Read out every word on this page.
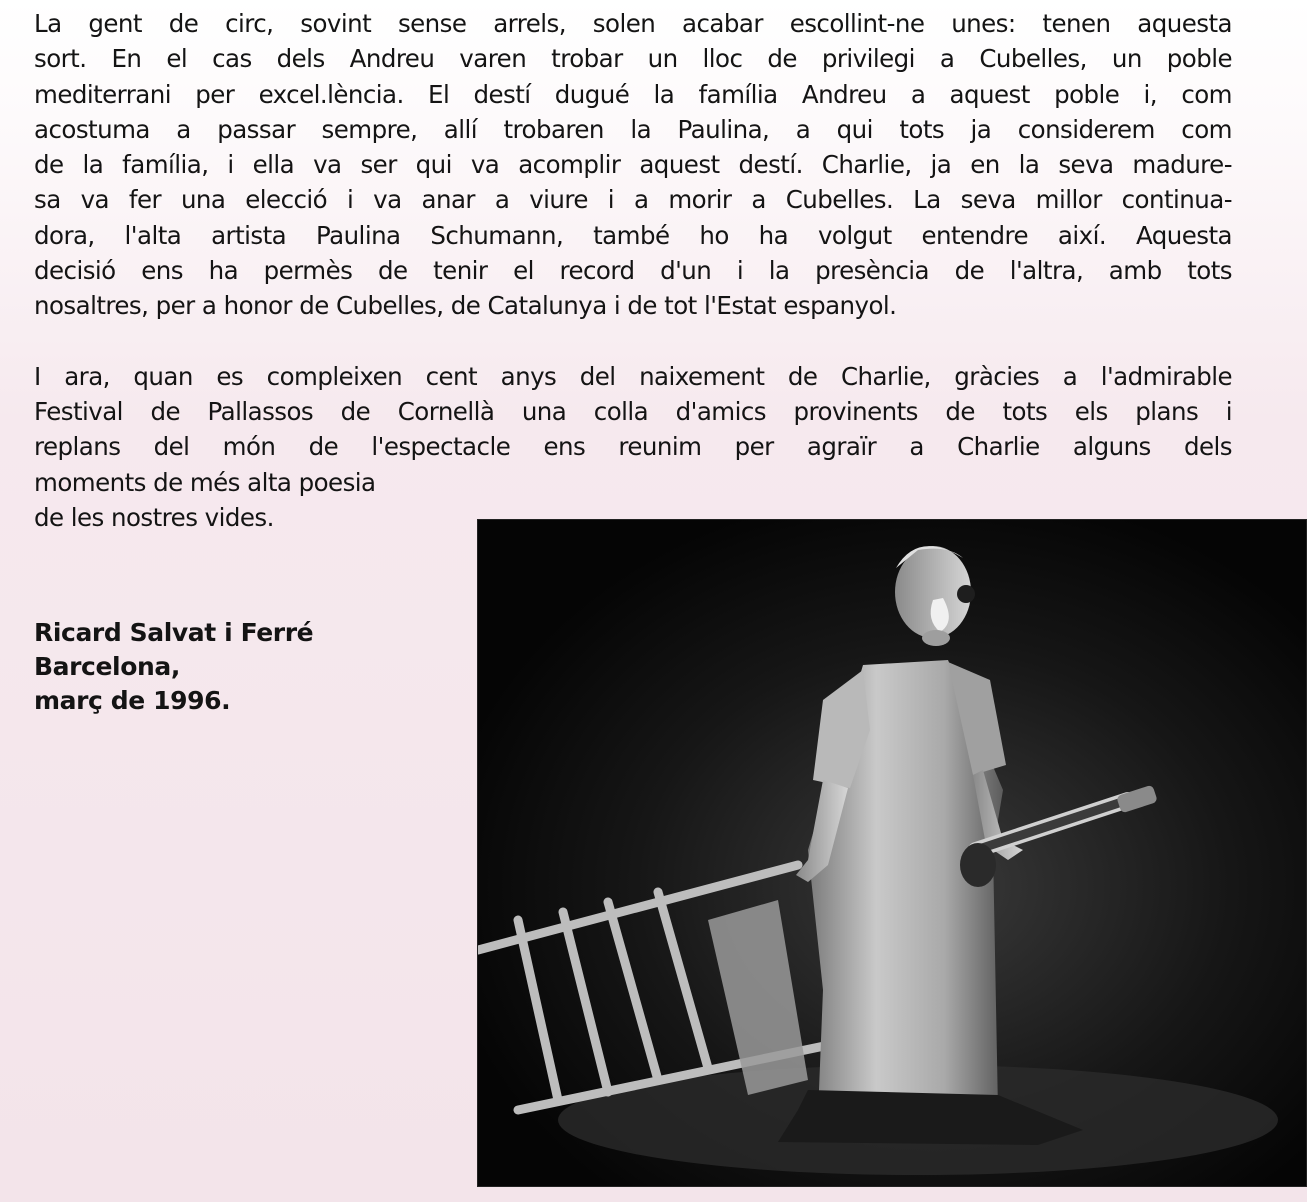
La gent de circ, sovint sense arrels, solen acabar escollint-ne unes: tenen aquesta
sort. En el cas dels Andreu varen trobar un lloc de privilegi a Cubelles, un poble
mediterrani per excel.lència. El destí dugué la família Andreu a aquest poble i, com
acostuma a passar sempre, allí trobaren la Paulina, a qui tots ja considerem com
de la família, i ella va ser qui va acomplir aquest destí. Charlie, ja en la seva madure-
sa va fer una elecció i va anar a viure i a morir a Cubelles. La seva millor continua-
dora, l'alta artista Paulina Schumann, també ho ha volgut entendre així. Aquesta
decisió ens ha permès de tenir el record d'un i la presència de l'altra, amb tots
nosaltres, per a honor de Cubelles, de Catalunya i de tot l'Estat espanyol.

I ara, quan es compleixen cent anys del naixement de Charlie, gràcies a l'admirable
Festival de Pallassos de Cornellà una colla d'amics provinents de tots els plans i
replans del món de l'espectacle ens reunim per agraïr a Charlie alguns dels
moments de més alta poesia
de les nostres vides.

Ricard Salvat i Ferré
Barcelona,
març de 1996.
